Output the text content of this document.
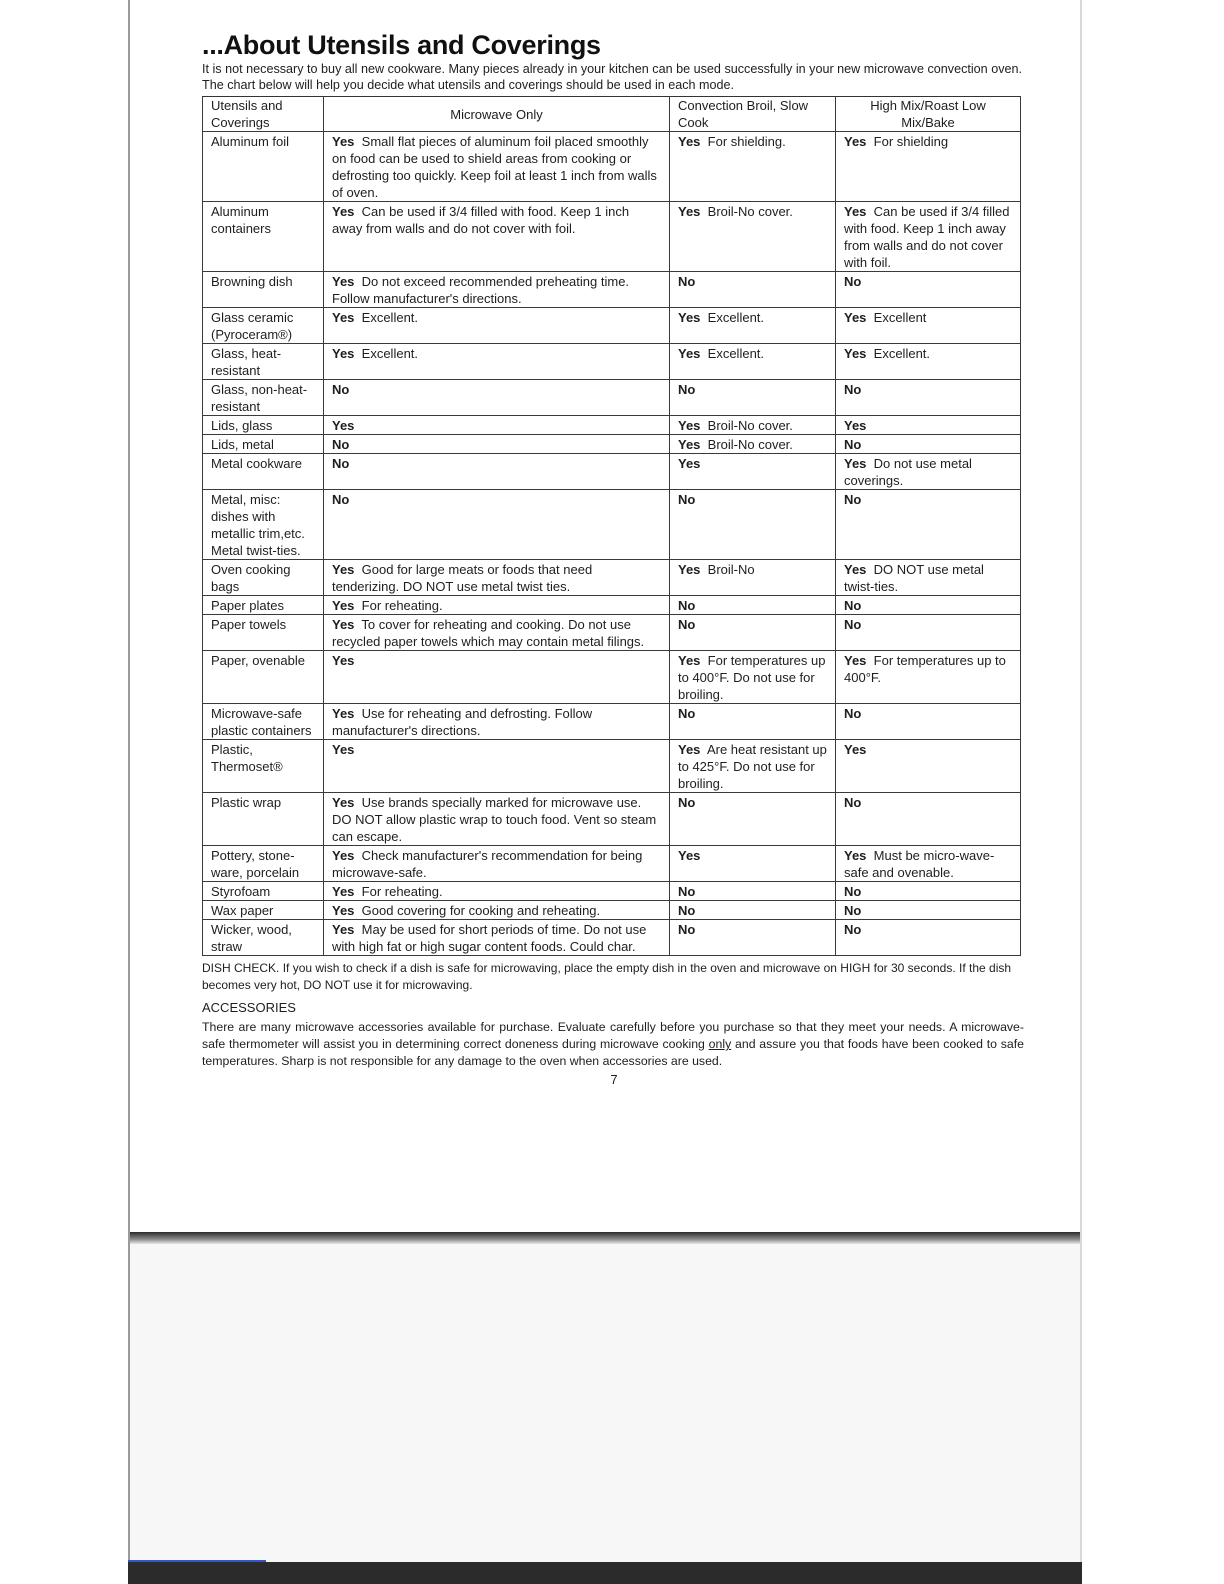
...About Utensils and Coverings

It is not necessary to buy all new cookware. Many pieces already in your kitchen can be used successfully in your new microwave convection oven. The chart below will help you decide what utensils and coverings should be used in each mode.

Utensils and Coverings	Microwave Only	Convection Broil, Slow Cook	High Mix/Roast Low Mix/Bake
Aluminum foil	Yes Small flat pieces of aluminum foil placed smoothly on food can be used to shield areas from cooking or defrosting too quickly. Keep foil at least 1 inch from walls of oven.	Yes For shielding.	Yes For shielding
Aluminum containers	Yes Can be used if 3/4 filled with food. Keep 1 inch away from walls and do not cover with foil.	Yes Broil-No cover.	Yes Can be used if 3/4 filled with food. Keep 1 inch away from walls and do not cover with foil.
Browning dish	Yes Do not exceed recommended preheating time. Follow manufacturer's directions.	No	No
Glass ceramic (Pyroceram®)	Yes Excellent.	Yes Excellent.	Yes Excellent
Glass, heat-resistant	Yes Excellent.	Yes Excellent.	Yes Excellent.
Glass, non-heat-resistant	No	No	No
Lids, glass	Yes	Yes Broil-No cover.	Yes
Lids, metal	No	Yes Broil-No cover.	No
Metal cookware	No	Yes	Yes Do not use metal coverings.
Metal, misc: dishes with metallic trim,etc. Metal twist-ties.	No	No	No
Oven cooking bags	Yes Good for large meats or foods that need tenderizing. DO NOT use metal twist ties.	Yes Broil-No	Yes DO NOT use metal twist-ties.
Paper plates	Yes For reheating.	No	No
Paper towels	Yes To cover for reheating and cooking. Do not use recycled paper towels which may contain metal filings.	No	No
Paper, ovenable	Yes	Yes For temperatures up to 400°F. Do not use for broiling.	Yes For temperatures up to 400°F.
Microwave-safe plastic containers	Yes Use for reheating and defrosting. Follow manufacturer's directions.	No	No
Plastic, Thermoset®	Yes	Yes Are heat resistant up to 425°F. Do not use for broiling.	Yes
Plastic wrap	Yes Use brands specially marked for microwave use. DO NOT allow plastic wrap to touch food. Vent so steam can escape.	No	No
Pottery, stone-ware, porcelain	Yes Check manufacturer's recommendation for being microwave-safe.	Yes	Yes Must be micro-wave-safe and ovenable.
Styrofoam	Yes For reheating.	No	No
Wax paper	Yes Good covering for cooking and reheating.	No	No
Wicker, wood, straw	Yes May be used for short periods of time. Do not use with high fat or high sugar content foods. Could char.	No	No
DISH CHECK. If you wish to check if a dish is safe for microwaving, place the empty dish in the oven and microwave on HIGH for 30 seconds. If the dish becomes very hot, DO NOT use it for microwaving.
ACCESSORIES
There are many microwave accessories available for purchase. Evaluate carefully before you purchase so that they meet your needs. A microwave-safe thermometer will assist you in determining correct doneness during microwave cooking only and assure you that foods have been cooked to safe temperatures. Sharp is not responsible for any damage to the oven when accessories are used.
7
